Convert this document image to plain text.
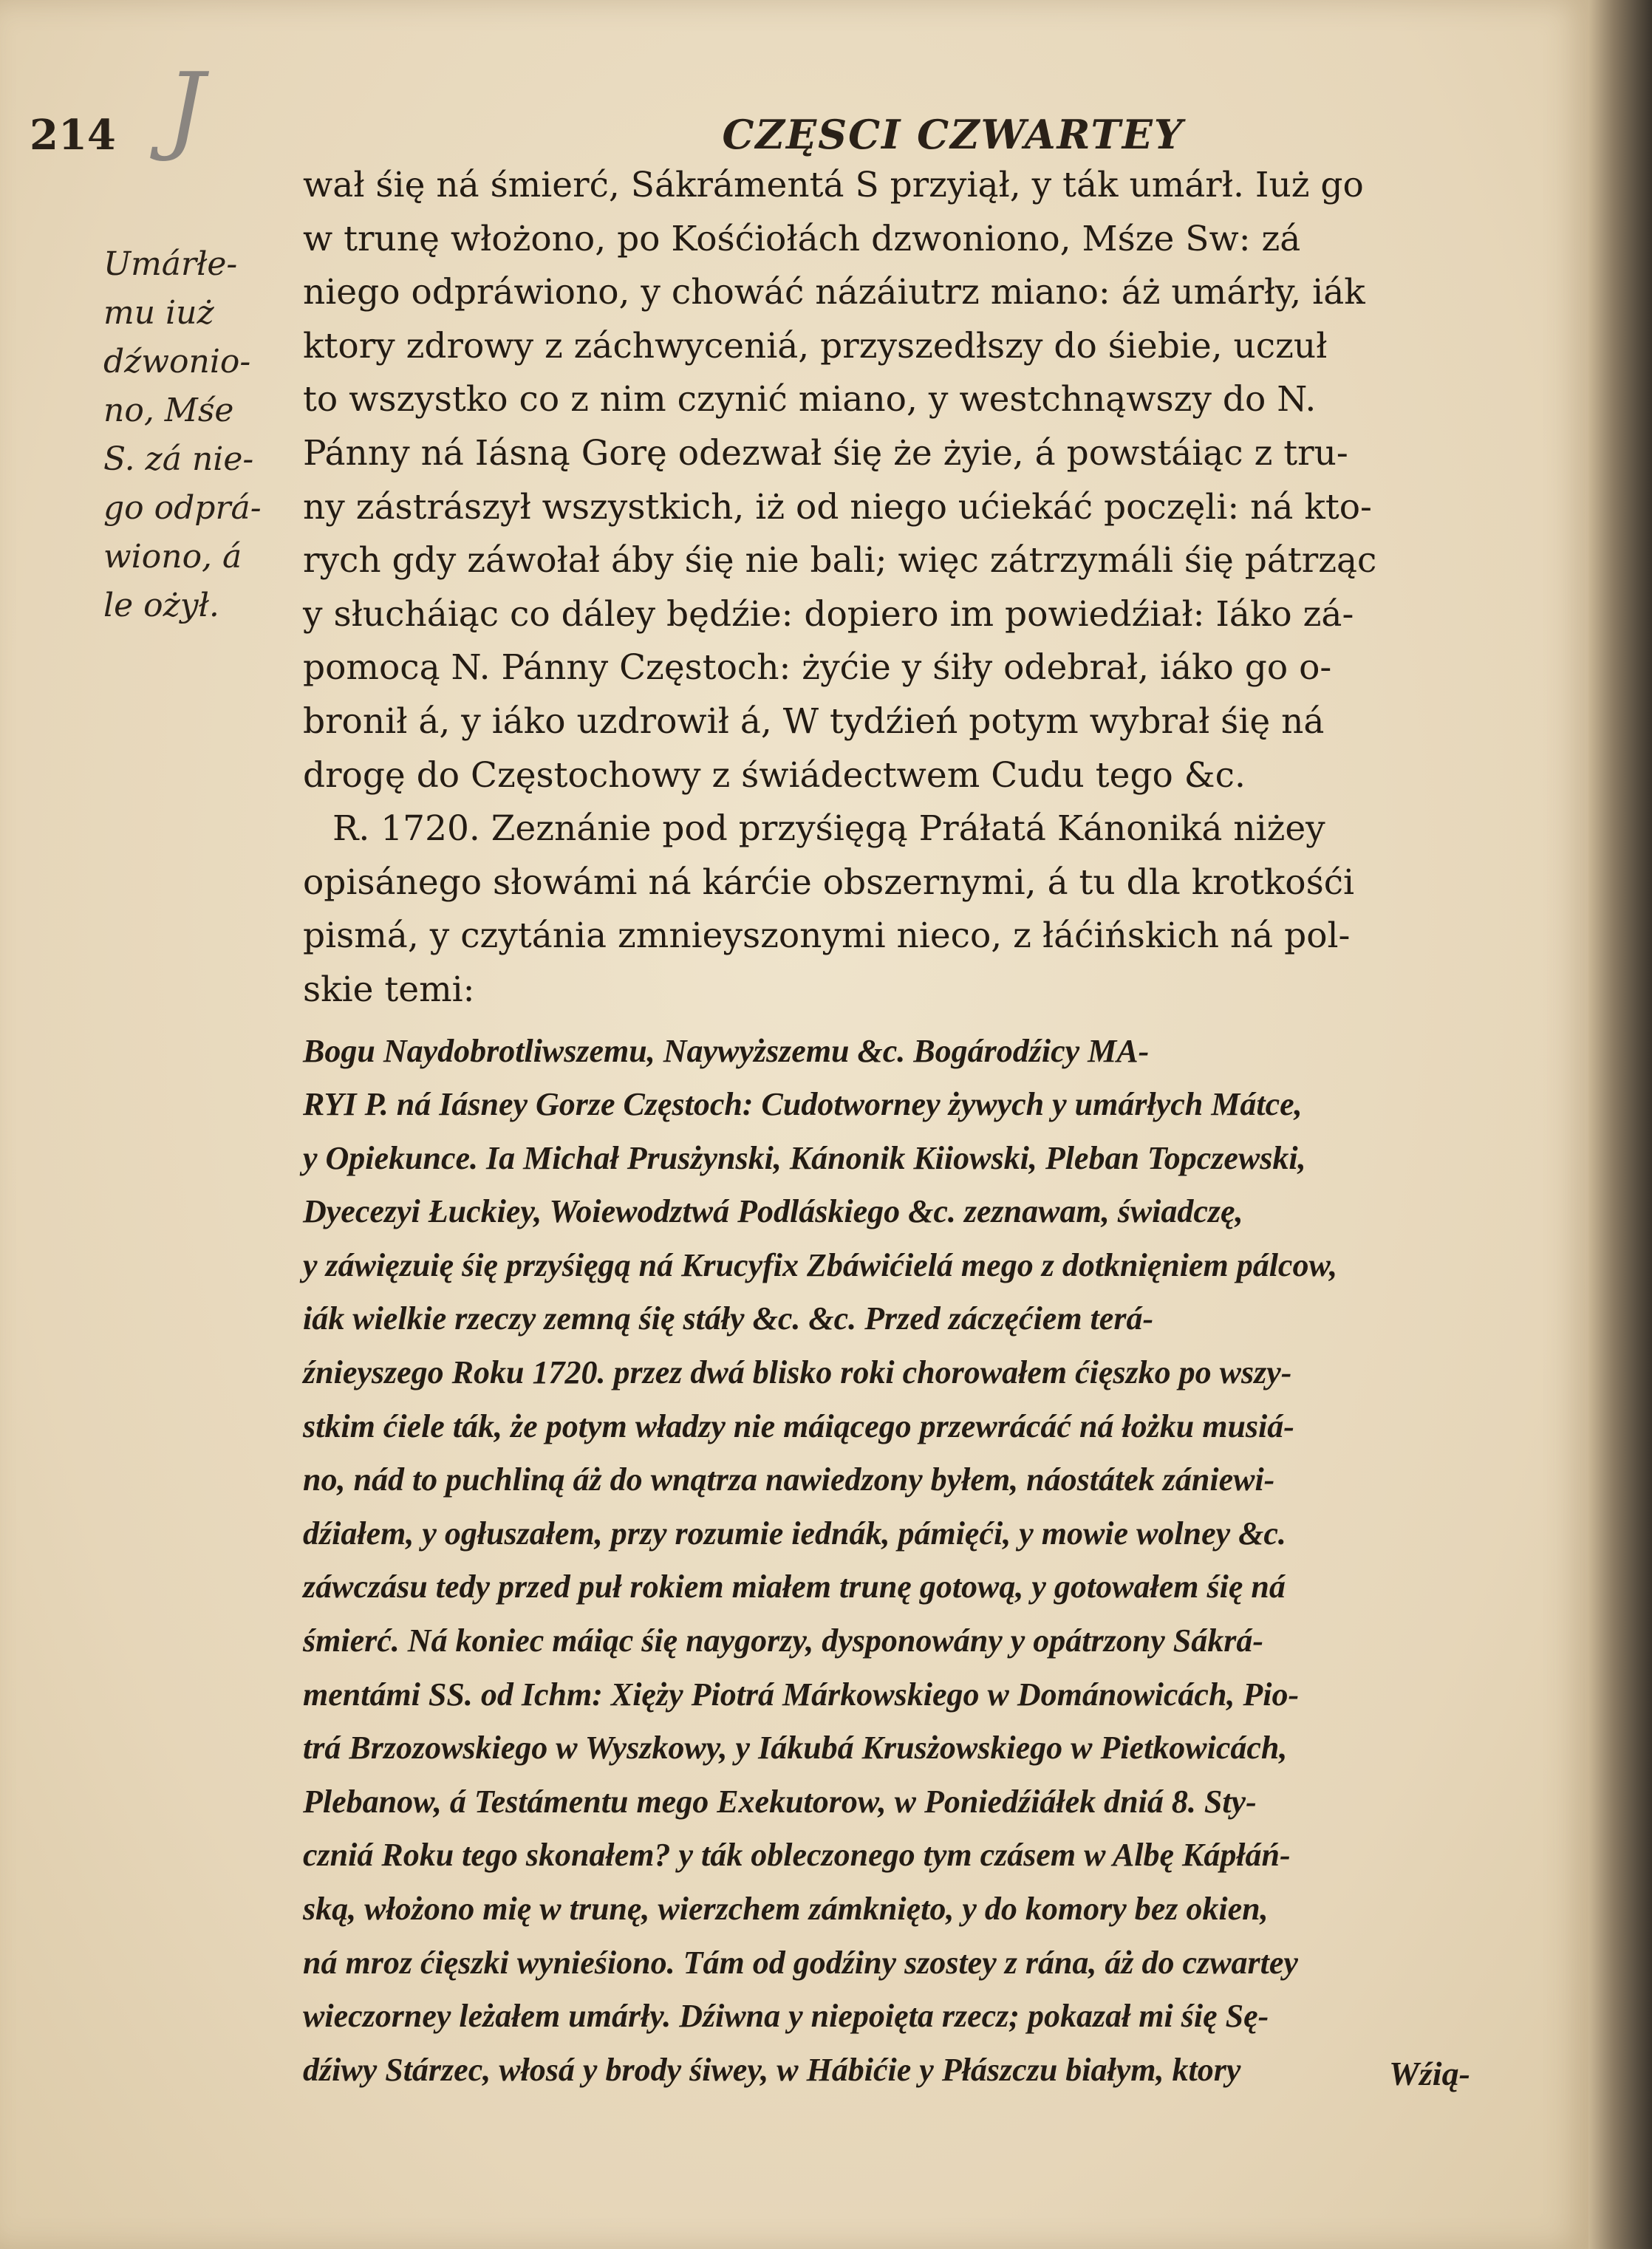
214 J	CZĘSCI CZWARTEY
Umárłe-
mu iuż
dźwonio-
no, Mśe
S. zá nie-
go odprá-
wiono, á
le ożył.
wał śię ná śmierć, Sákrámentá S przyiął, y ták umárł. Iuż go
w trunę włożono, po Kośćiołách dzwoniono, Mśze Sw: zá
niego odpráwiono, y chowáć názáiutrz miano: áż umárły, iák
ktory zdrowy z záchwyceniá, przyszedłszy do śiebie, uczuł
to wszystko co z nim czynić miano, y westchnąwszy do N.
Pánny ná Iásną Gorę odezwał śię że żyie, á powstáiąc z tru-
ny zástrászył wszystkich, iż od niego ućiekáć poczęli: ná kto-
rych gdy záwołał áby śię nie bali; więc zátrzymáli śię pátrząc
y słucháiąc co dáley będźie: dopiero im powiedźiał: Iáko zá-
pomocą N. Pánny Częstoch: żyćie y śiły odebrał, iáko go o-
bronił á, y iáko uzdrowił á, W tydźień potym wybrał śię ná
drogę do Częstochowy z świádectwem Cudu tego &c.
R. 1720. Zeznánie pod przyśięgą Práłatá Kánoniká niżey
opisánego słowámi ná kárćie obszernymi, á tu dla krotkośći
pismá, y czytánia zmnieyszonymi nieco, z łáćińskich ná pol-
skie temi:
Bogu Naydobrotliwszemu, Naywyższemu &c. Bogárodźicy MA-
RYI P. ná Iásney Gorze Częstoch: Cudotworney żywych y umárłych Mátce,
y Opiekunce. Ia Michał Prusżynski, Kánonik Kiiowski, Pleban Topczewski,
Dyecezyi Łuckiey, Woiewodztwá Podláskiego &c. zeznawam, świadczę,
y záwięzuię śię przyśięgą ná Krucyfix Zbáwićielá mego z dotknięniem pálcow,
iák wielkie rzeczy zemną śię stáły &c. &c. Przed záczęćiem terá-
źnieyszego Roku 1720. przez dwá blisko roki chorowałem ćięszko po wszy-
stkim ćiele ták, że potym władzy nie máiącego przewrácáć ná łożku musiá-
no, nád to puchliną áż do wnątrza nawiedzony byłem, náostátek zániewi-
dźiałem, y ogłuszałem, przy rozumie iednák, pámięći, y mowie wolney &c.
záwczásu tedy przed puł rokiem miałem trunę gotową, y gotowałem śię ná
śmierć. Ná koniec máiąc śię naygorzy, dysponowány y opátrzony Sákrá-
mentámi SS. od Ichm: Xięży Piotrá Márkowskiego w Dománowicách, Pio-
trá Brzozowskiego w Wyszkowy, y Iákubá Krusżowskiego w Pietkowicách,
Plebanow, á Testámentu mego Exekutorow, w Poniedźiáłek dniá 8. Sty-
czniá Roku tego skonałem? y ták obleczonego tym czásem w Albę Kápłáń-
ską, włożono mię w trunę, wierzchem zámknięto, y do komory bez okien,
ná mroz ćięszki wynieśiono. Tám od godźiny szostey z rána, áż do czwartey
wieczorney leżałem umárły. Dźiwna y niepoięta rzecz; pokazał mi śię Sę-
dźiwy Stárzec, włosá y brody śiwey, w Hábićie y Płászczu białym, ktory	Wźią-
